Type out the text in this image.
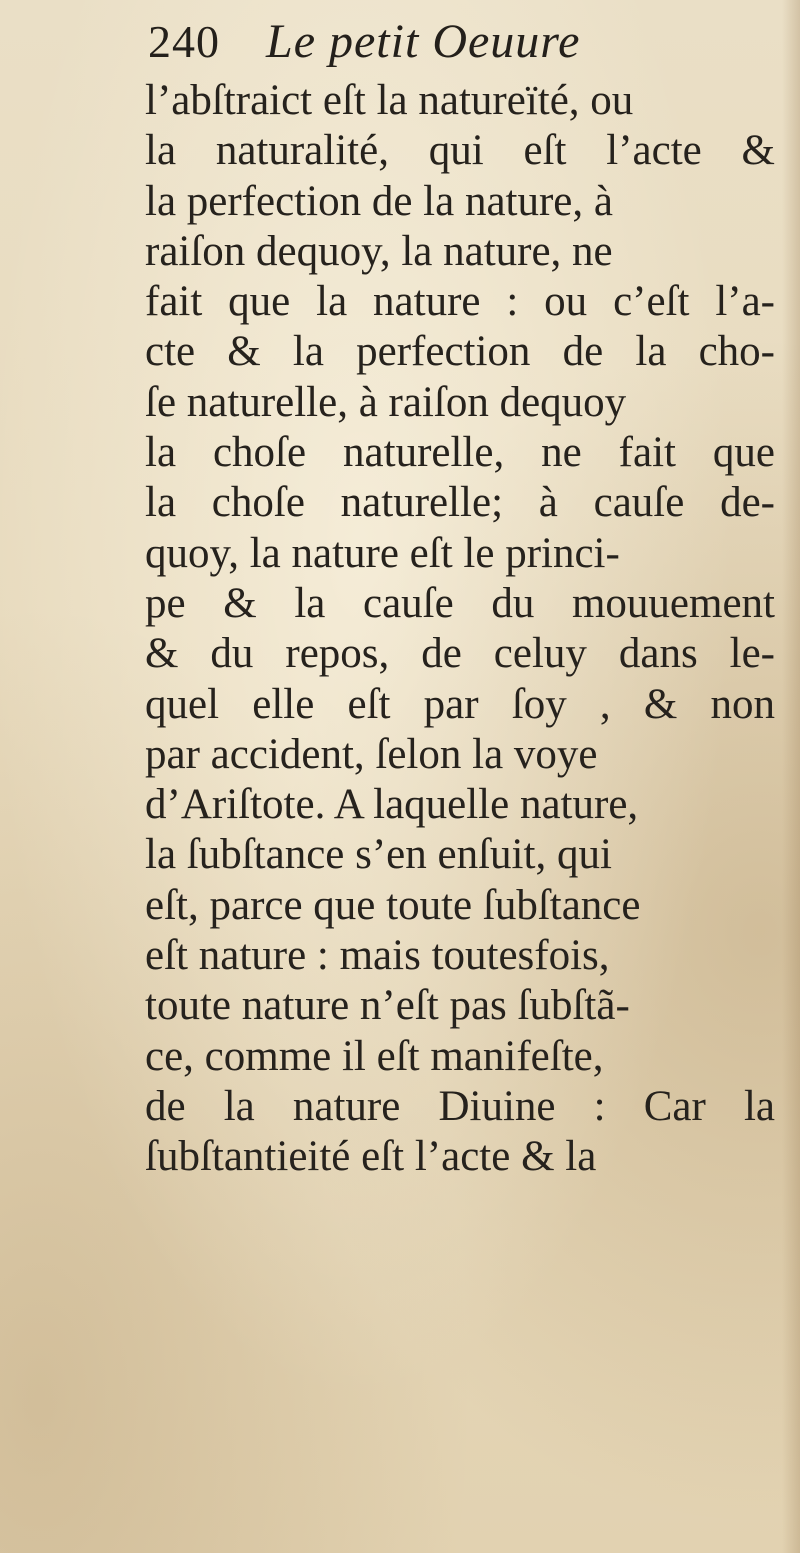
240 Le petit Oeuure
l’abſtraict eſt la natureïté, ou
la naturalité, qui eſt l’acte &
la perfection de la nature, à
raiſon dequoy, la nature, ne
fait que la nature : ou c’eſt l’a-
cte & la perfection de la cho-
ſe naturelle, à raiſon dequoy
la choſe naturelle, ne fait que
la choſe naturelle; à cauſe de-
quoy, la nature eſt le princi-
pe & la cauſe du mouuement
& du repos, de celuy dans le-
quel elle eſt par ſoy , & non
par accident, ſelon la voye
d’Ariſtote. A laquelle nature,
la ſubſtance s’en enſuit, qui
eſt, parce que toute ſubſtance
eſt nature : mais toutesfois,
toute nature n’eſt pas ſubſtã-
ce, comme il eſt manifeſte,
de la nature Diuine : Car la
ſubſtantieité eſt l’acte & la
